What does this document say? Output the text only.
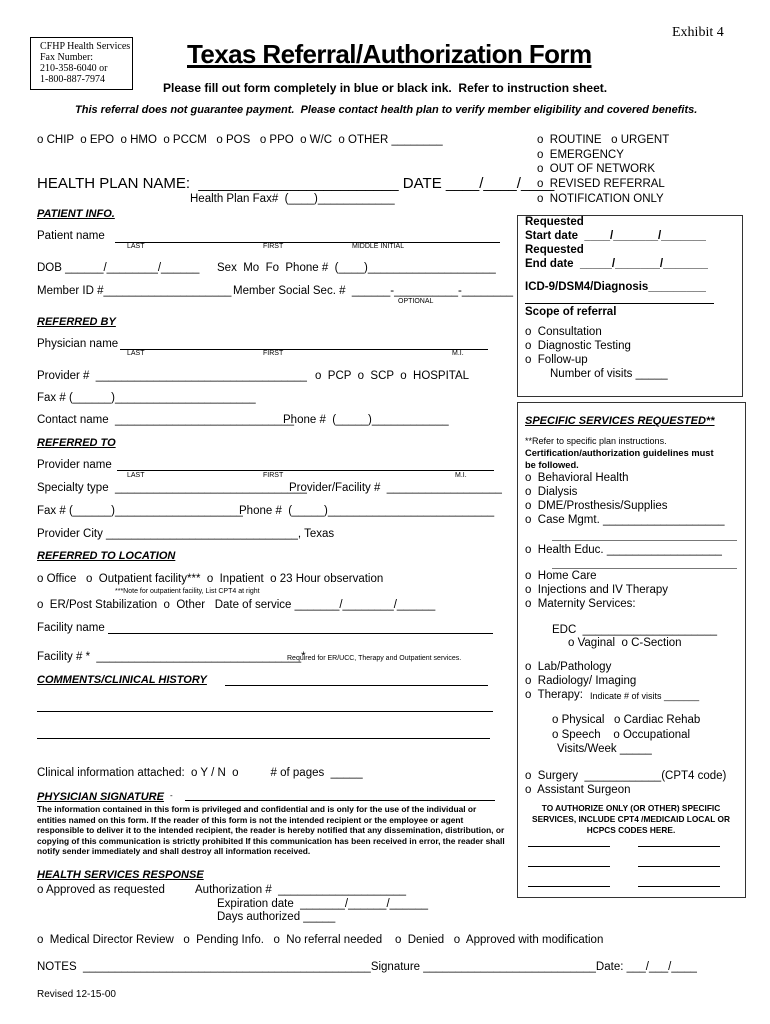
Exhibit 4
CFHP Health Services
Fax Number:
210-358-6040 or
1-800-887-7974
Texas Referral/Authorization Form
Please fill out form completely in blue or black ink.  Refer to instruction sheet.
This referral does not guarantee payment.  Please contact health plan to verify member eligibility and covered benefits.
o CHIP  o EPO  o HMO  o PCCM   o POS   o PPO  o W/C  o OTHER ________	o  ROUTINE   o URGENT
o  EMERGENCY
o  OUT OF NETWORK
o  REVISED REFERRAL
o  NOTIFICATION ONLY
HEALTH PLAN NAME:  ________________________ DATE ____/____/____
Health Plan Fax#  (____)____________
PATIENT INFO.
Patient name
LAST	FIRST	MIDDLE INITIAL
DOB ______/________/______ Sex  Mo  Fo  Phone #  (____)____________________
Member ID #____________________ Member Social Sec. #  ______-__________-________
OPTIONAL
REFERRED BY
Physician name
LAST	FIRST	M.I.
Provider #  _________________________________ o  PCP  o  SCP  o  HOSPITAL
Fax # (______)______________________
Contact name  ____________________________
Phone #  (_____)____________
REFERRED TO
Provider name
LAST	FIRST	M.I.
Specialty type  ______________________________
Provider/Facility #  __________________
Fax # (______)____________________
Phone #  (_____)__________________________
Provider City ______________________________, Texas
REFERRED TO LOCATION
o Office   o  Outpatient facility***  o  Inpatient  o 23 Hour observation
***Note for outpatient facility, List CPT4 at right
o  ER/Post Stabilization  o  Other   Date of service _______/________/______
Facility name
Facility # *  ________________________________*
Required for ER/UCC, Therapy and Outpatient services.
COMMENTS/CLINICAL HISTORY
Clinical information attached:  o Y / N  o          # of pages  _____
PHYSICIAN SIGNATURE -
The information contained in this form is privileged and confidential and is only for the use of the individual or entities named on this form. If the reader of this form is not the intended recipient or the employee or agent responsible to deliver it to the intended recipient, the reader is hereby notified that any dissemination, distribution, or copying of this communication is strictly prohibited If this communication has been received in error, the reader shall notify sender immediately and shall destroy all information received.
HEALTH SERVICES RESPONSE
o Approved as requested	Authorization #  ____________________
Expiration date  _______/______/______
Days authorized _____
o  Medical Director Review   o  Pending Info.   o  No referral needed    o  Denied   o  Approved with modification
NOTES  _____________________________________________Signature ___________________________Date: ___/___/____
Revised 12-15-00
Requested
Start date  ____/_______/_______
Requested
End date  _____/_______/_______
ICD-9/DSM4/Diagnosis_________
Scope of referral
o  Consultation
o  Diagnostic Testing
o  Follow-up
Number of visits _____
SPECIFIC SERVICES REQUESTED**
**Refer to specific plan instructions.
Certification/authorization guidelines must
be followed.
o  Behavioral Health
o  Dialysis
o  DME/Prosthesis/Supplies
o  Case Mgmt. ___________________
o  Health Educ. __________________
o  Home Care
o  Injections and IV Therapy
o  Maternity Services:
EDC  _____________________
o Vaginal  o C-Section
o  Lab/Pathology
o  Radiology/ Imaging
o  Therapy: Indicate # of visits _______
o Physical   o Cardiac Rehab
o Speech    o Occupational
Visits/Week _____
o  Surgery  ____________(CPT4 code)
o  Assistant Surgeon
TO AUTHORIZE ONLY (OR OTHER) SPECIFIC SERVICES, INCLUDE CPT4 /MEDICAID LOCAL OR HCPCS CODES HERE.
